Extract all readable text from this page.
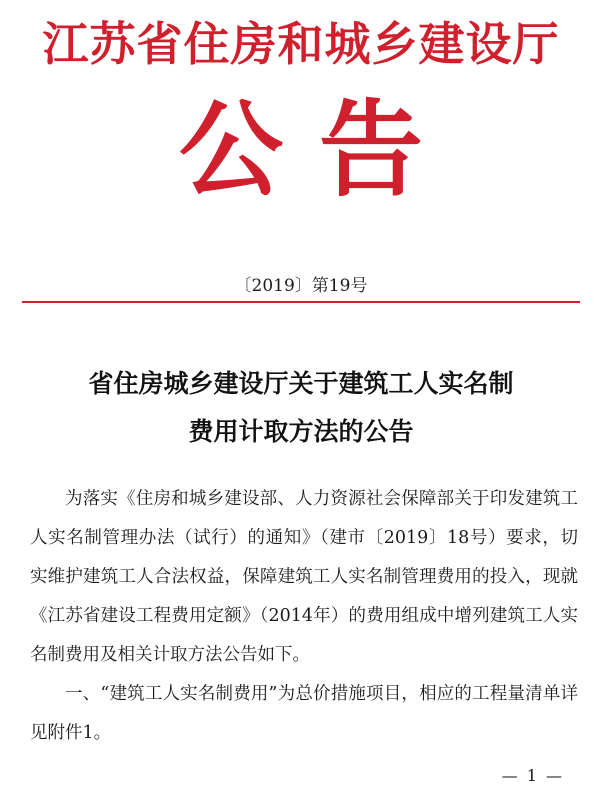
江苏省住房和城乡建设厅
公告
〔2019〕第19号
省住房城乡建设厅关于建筑工人实名制
费用计取方法的公告

为落实《住房和城乡建设部、人力资源社会保障部关于印发建筑工人实名制管理办法（试行）的通知》（建市〔2019〕18号）要求，切实维护建筑工人合法权益，保障建筑工人实名制管理费用的投入，现就《江苏省建设工程费用定额》（2014年）的费用组成中增列建筑工人实名制费用及相关计取方法公告如下。

一、“建筑工人实名制费用”为总价措施项目，相应的工程量清单详见附件1。

— 1 —
